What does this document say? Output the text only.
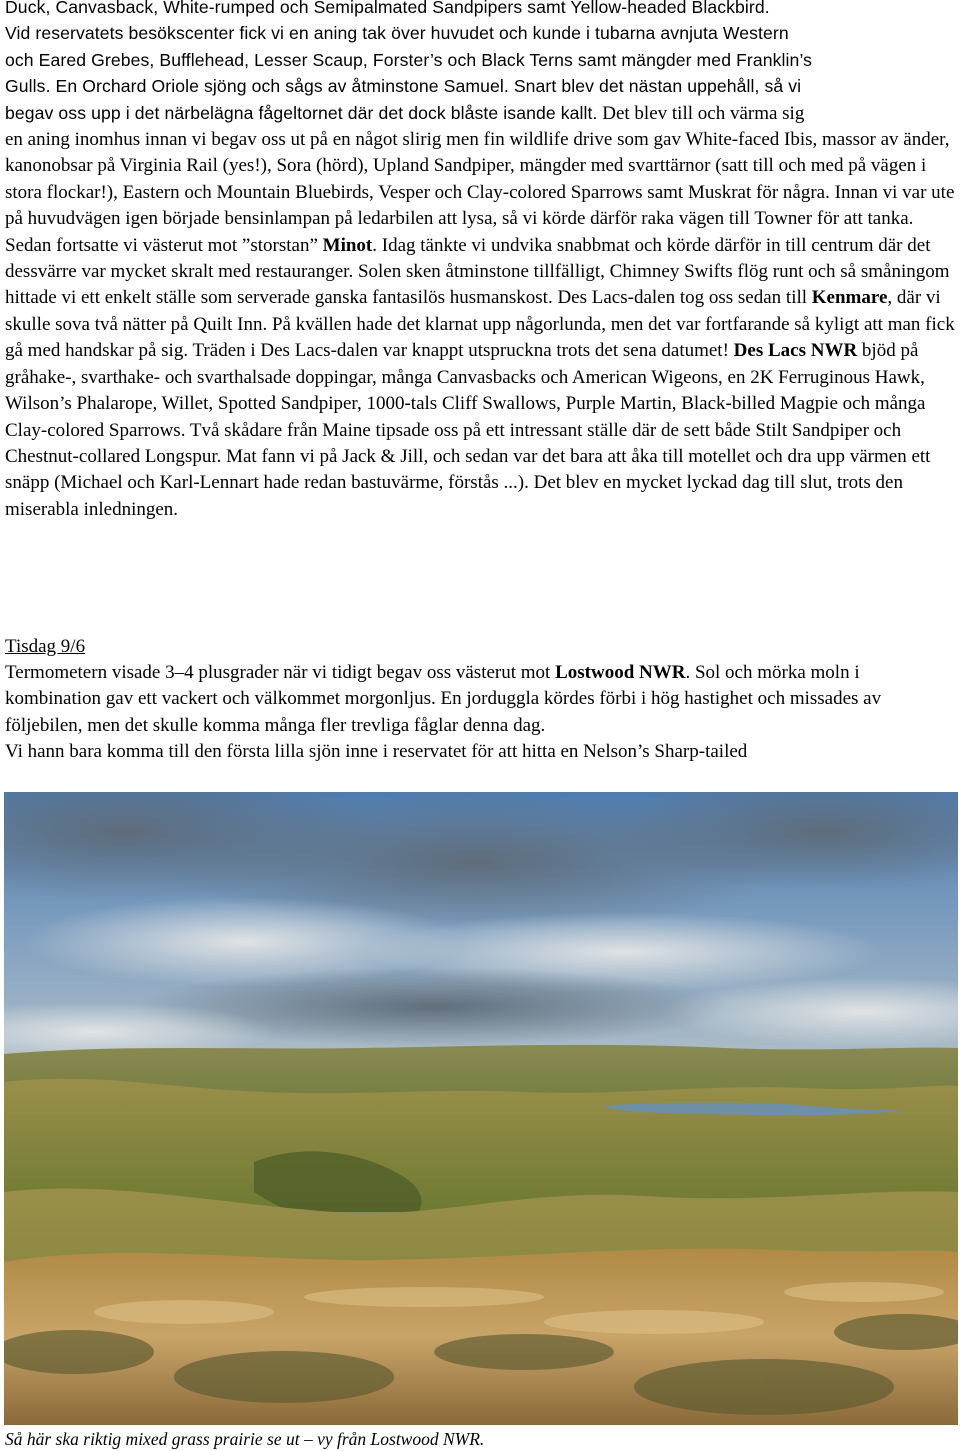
Duck, Canvasback, White-rumped och Semipalmated Sandpipers samt Yellow-headed Blackbird.
Vid reservatets besökscenter fick vi en aning tak över huvudet och kunde i tubarna avnjuta Western
och Eared Grebes, Bufflehead, Lesser Scaup, Forster’s och Black Terns samt mängder med Franklin’s
Gulls. En Orchard Oriole sjöng och sågs av åtminstone Samuel. Snart blev det nästan uppehåll, så vi
begav oss upp i det närbelägna fågeltornet där det dock blåste isande kallt. Det blev till och värma sig
en aning inomhus innan vi begav oss ut på en något slirig men fin wildlife drive som gav White-faced Ibis, massor av änder, kanonobsar på Virginia Rail (yes!), Sora (hörd), Upland Sandpiper, mängder med svarttärnor (satt till och med på vägen i stora flockar!), Eastern och Mountain Bluebirds, Vesper och Clay-colored Sparrows samt Muskrat för några. Innan vi var ute på huvudvägen igen började bensinlampan på ledarbilen att lysa, så vi körde därför raka vägen till Towner för att tanka. Sedan fortsatte vi västerut mot ”storstan” Minot. Idag tänkte vi undvika snabbmat och körde därför in till centrum där det dessvärre var mycket skralt med restauranger. Solen sken åtminstone tillfälligt, Chimney Swifts flög runt och så småningom hittade vi ett enkelt ställe som serverade ganska fantasilös husmanskost. Des Lacs-dalen tog oss sedan till Kenmare, där vi skulle sova två nätter på Quilt Inn. På kvällen hade det klarnat upp någorlunda, men det var fortfarande så kyligt att man fick gå med handskar på sig. Träden i Des Lacs-dalen var knappt utspruckna trots det sena datumet! Des Lacs NWR bjöd på gråhake-, svarthake- och svarthalsade doppingar, många Canvasbacks och American Wigeons, en 2K Ferruginous Hawk, Wilson’s Phalarope, Willet, Spotted Sandpiper, 1000-tals Cliff Swallows, Purple Martin, Black-billed Magpie och många Clay-colored Sparrows. Två skådare från Maine tipsade oss på ett intressant ställe där de sett både Stilt Sandpiper och Chestnut-collared Longspur. Mat fann vi på Jack & Jill, och sedan var det bara att åka till motellet och dra upp värmen ett snäpp (Michael och Karl-Lennart hade redan bastuvärme, förstås ...). Det blev en mycket lyckad dag till slut, trots den miserabla inledningen.

Tisdag 9/6

Termometern visade 3–4 plusgrader när vi tidigt begav oss västerut mot Lostwood NWR. Sol och mörka moln i kombination gav ett vackert och välkommet morgonljus. En jorduggla kördes förbi i hög hastighet och missades av följebilen, men det skulle komma många fler trevliga fåglar denna dag.
Vi hann bara komma till den första lilla sjön inne i reservatet för att hitta en Nelson’s Sharp-tailed

Så här ska riktig mixed grass prairie se ut – vy från Lostwood NWR.
